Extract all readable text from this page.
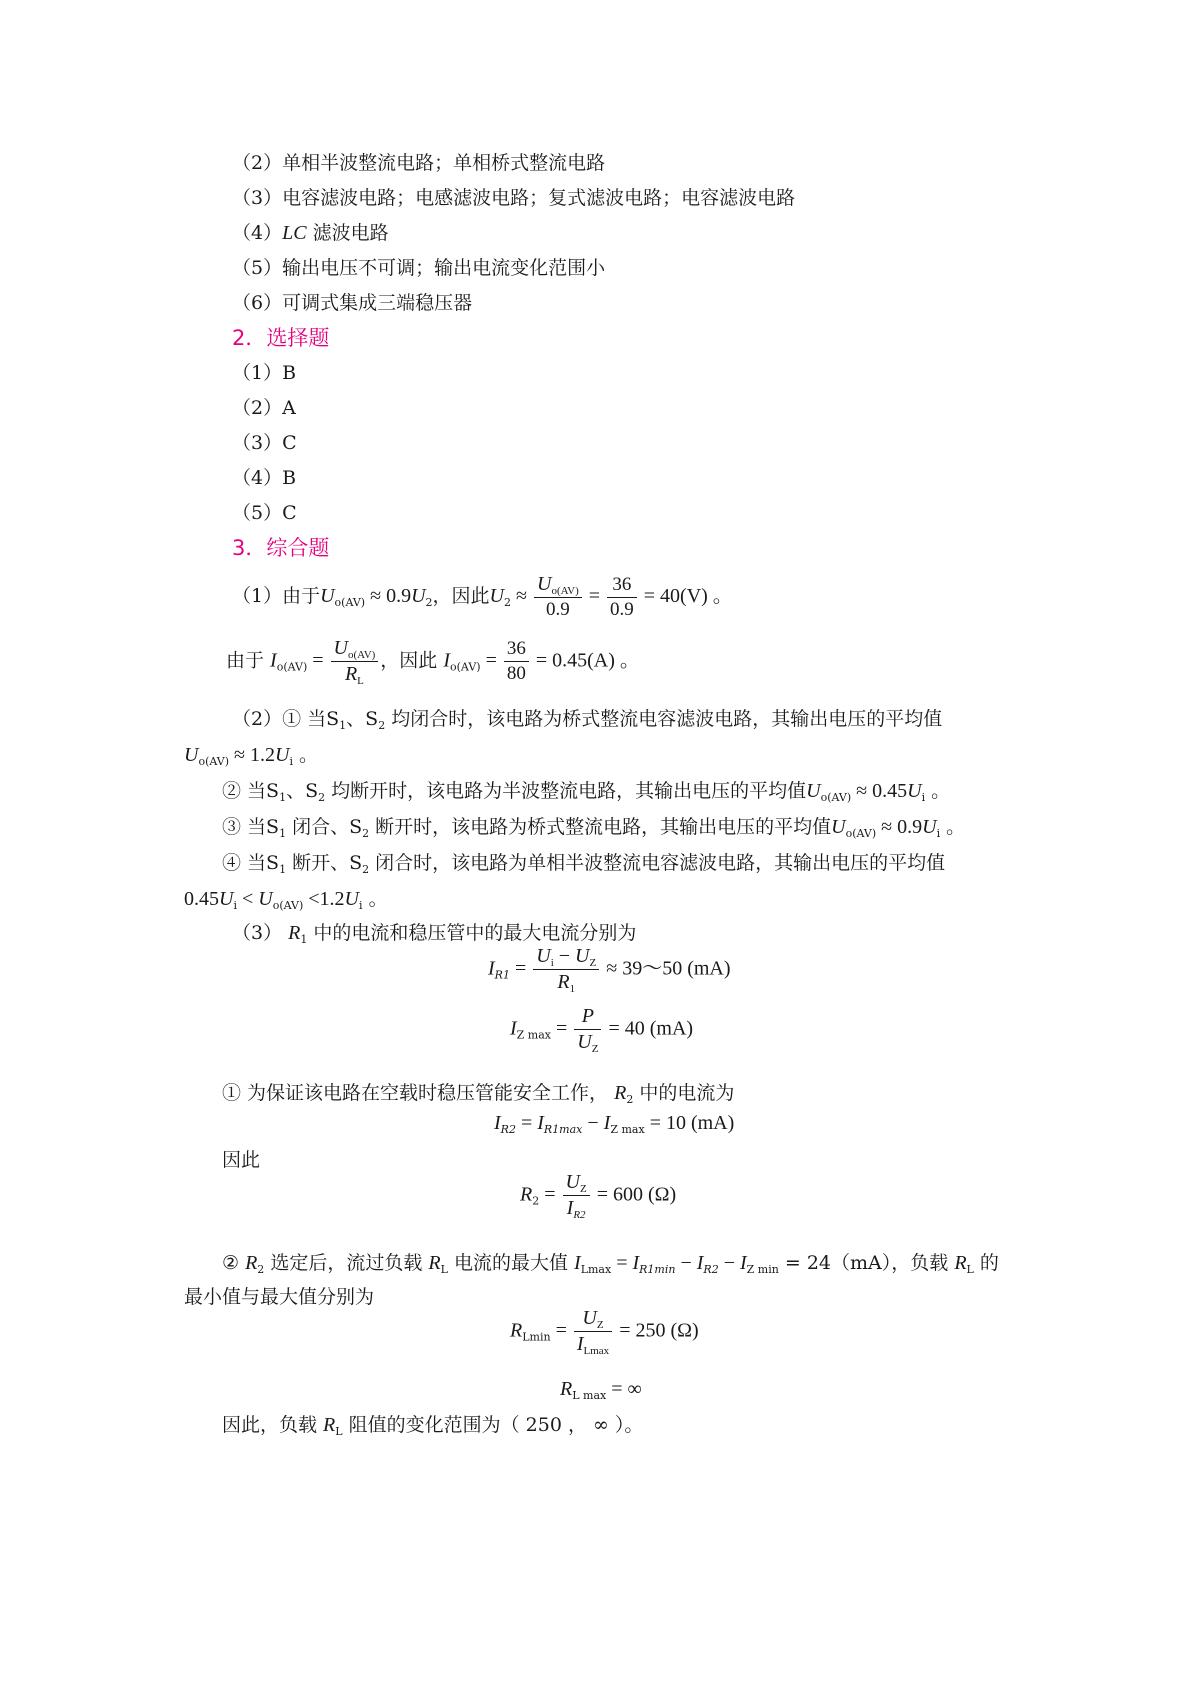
（2）单相半波整流电路；单相桥式整流电路
（3）电容滤波电路；电感滤波电路；复式滤波电路；电容滤波电路
（4）LC 滤波电路
（5）输出电压不可调；输出电流变化范围小
（6）可调式集成三端稳压器
2．选择题
（1）B
（2）A
（3）C
（4）B
（5）C
3．综合题
（1）由于$U_{o(AV)} \approx 0.9U_2$，因此$U_2 \approx \frac{U_{o(AV)}}{0.9} = \frac{36}{0.9} = 40(V)$ 。
由于 $I_{o(AV)} = \frac{U_{o(AV)}}{R_L}$ ，因此 $I_{o(AV)} = \frac{36}{80} = 0.45(A)$ 。
（2）① 当$S_1$、$S_2$ 均闭合时，该电路为桥式整流电容滤波电路，其输出电压的平均值
$U_{o(AV)} \approx 1.2U_i$ 。
② 当$S_1$、$S_2$ 均断开时，该电路为半波整流电路，其输出电压的平均值$U_{o(AV)} \approx 0.45U_i$ 。
③ 当$S_1$ 闭合、$S_2$ 断开时，该电路为桥式整流电路，其输出电压的平均值$U_{o(AV)} \approx 0.9U_i$ 。
④ 当$S_1$ 断开、$S_2$ 闭合时，该电路为单相半波整流电容滤波电路，其输出电压的平均值
$0.45U_i < U_{o(AV)} <1.2U_i$ 。
（3） $R_1$ 中的电流和稳压管中的最大电流分别为
$I_{R1} = \frac{U_i - U_Z}{R_1}$ ≈ 39～50 (mA)
$I_{Z max} = \frac{P}{U_Z} = 40$ (mA)
① 为保证该电路在空载时稳压管能安全工作， $R_2$ 中的电流为
$I_{R2} = I_{R1max} - I_{Z max} = 10$ (mA)
因此
$R_2 = \frac{U_Z}{I_{R2}} = 600$ (Ω)
② $R_2$ 选定后，流过负载 $R_L$ 电流的最大值 $I_{Lmax} = I_{R1min} - I_{R2} - I_{Z min} = 24(mA)$，负载 $R_L$ 的
最小值与最大值分别为
$R_{Lmin} = \frac{U_Z}{I_{Lmax}} = 250$ (Ω)
$R_{L max}$ = ∞
因此，负载 $R_L$ 阻值的变化范围为（ 250 ， ∞ ）。
